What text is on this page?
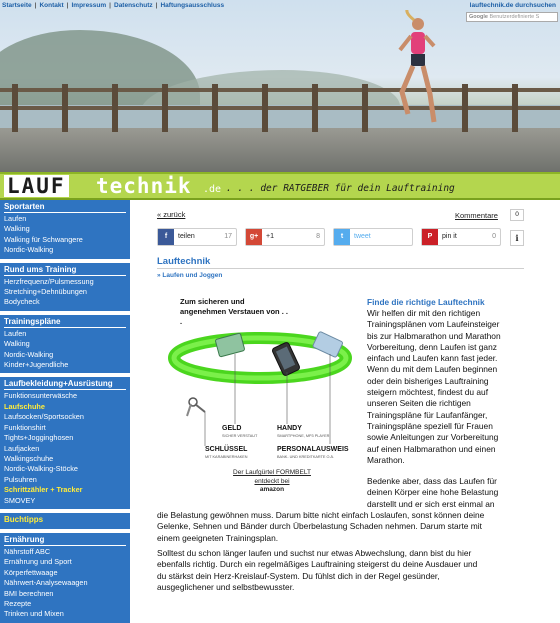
Startseite | Kontakt | Impressum | Datenschutz | Haftungsausschluss	lauftechnik.de durchsuchen
Google Benutzerdefinierte S
LAUF technik .de . . . der RATGEBER für dein Lauftraining
Sportarten
Laufen
Walking
Walking für Schwangere
Nordic-Walking
Rund ums Training
Herzfrequenz/Pulsmessung
Stretching+Dehnübungen
Bodycheck
Trainingspläne
Laufen
Walking
Nordic-Walking
Kinder+Jugendliche
Laufbekleidung+Ausrüstung
Funktionsunterwäsche
Laufschuhe
Laufsocken/Sportsocken
Funktionshirt
Tights+Jogginghosen
Laufjacken
Walkingschuhe
Nordic-Walking-Stöcke
Pulsuhren
Schrittzähler + Tracker
SMOVEY
Buchtipps
Ernährung
Nährstoff ABC
Ernährung und Sport
Körperfettwaage
Nährwert-Analysewaagen
BMI berechnen
Rezepte
Trinken und Mixen
« zurück	Kommentare	0
f teilen	17	g+ +1	8	t tweet	P pin it	0	i
Lauftechnik
» Laufen und Joggen
GELD
SICHER VERSTAUT
HANDY
SMARTPHONE, MP3 PLAYER
SCHLÜSSEL
MIT KARABINERHAKEN
PERSONALAUSWEIS
BANK- UND KREDITKARTE O.Ä.
Zum sicheren und angenehmen Verstauen von . . .
Der Laufgürtel FORMBELT
entdeckt bei
amazon
Finde die richtige Lauftechnik
Wir helfen dir mit den richtigen
Trainingsplänen vom Laufeinsteiger
bis zur Halbmarathon und Marathon
Vorbereitung, denn Laufen ist ganz
einfach und Laufen kann fast jeder.
Wenn du mit dem Laufen beginnen
oder dein bisheriges Lauftraining
steigern möchtest, findest du auf
unseren Seiten die richtigen
Trainingspläne für Laufanfänger,
Trainingspläne speziell für Frauen
sowie Anleitungen zur Vorbereitung
auf einen Halbmarathon und einen
Marathon.
Bedenke aber, dass das Laufen für
deinen Körper eine hohe Belastung
darstellt und er sich erst einmal an
die Belastung gewöhnen muss. Darum bitte nicht einfach Loslaufen, sonst können deine
Gelenke, Sehnen und Bänder durch Überbelastung Schaden nehmen. Darum starte mit
einem geeigneten Trainingsplan.
Solltest du schon länger laufen und suchst nur etwas Abwechslung, dann bist du hier
ebenfalls richtig. Durch ein regelmäßiges Lauftraining steigerst du deine Ausdauer und
du stärkst dein Herz-Kreislauf-System. Du fühlst dich in der Regel gesünder,
ausgeglichener und selbstbewusster.
